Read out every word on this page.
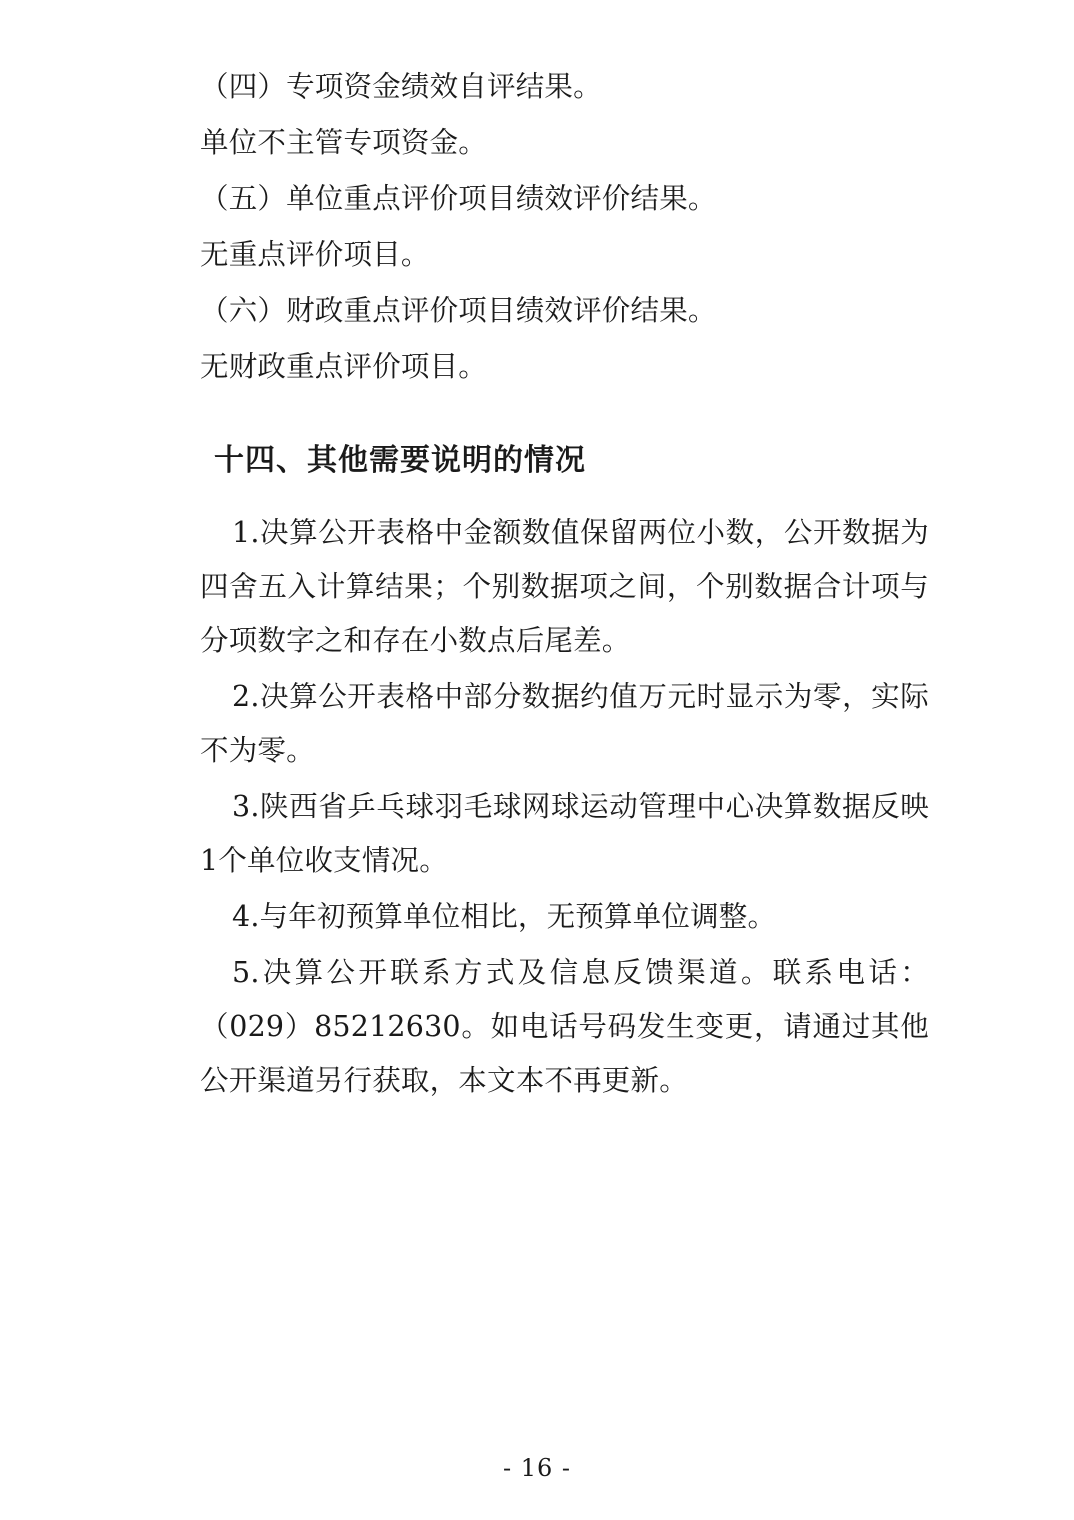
（四）专项资金绩效自评结果。

单位不主管专项资金。

（五）单位重点评价项目绩效评价结果。

无重点评价项目。

（六）财政重点评价项目绩效评价结果。

无财政重点评价项目。

十四、其他需要说明的情况

1.决算公开表格中金额数值保留两位小数，公开数据为四舍五入计算结果；个别数据项之间，个别数据合计项与分项数字之和存在小数点后尾差。

2.决算公开表格中部分数据约值万元时显示为零，实际不为零。

3.陕西省乒乓球羽毛球网球运动管理中心决算数据反映1个单位收支情况。

4.与年初预算单位相比，无预算单位调整。

5.决算公开联系方式及信息反馈渠道。联系电话：（029）85212630。如电话号码发生变更，请通过其他公开渠道另行获取，本文本不再更新。

- 16 -
